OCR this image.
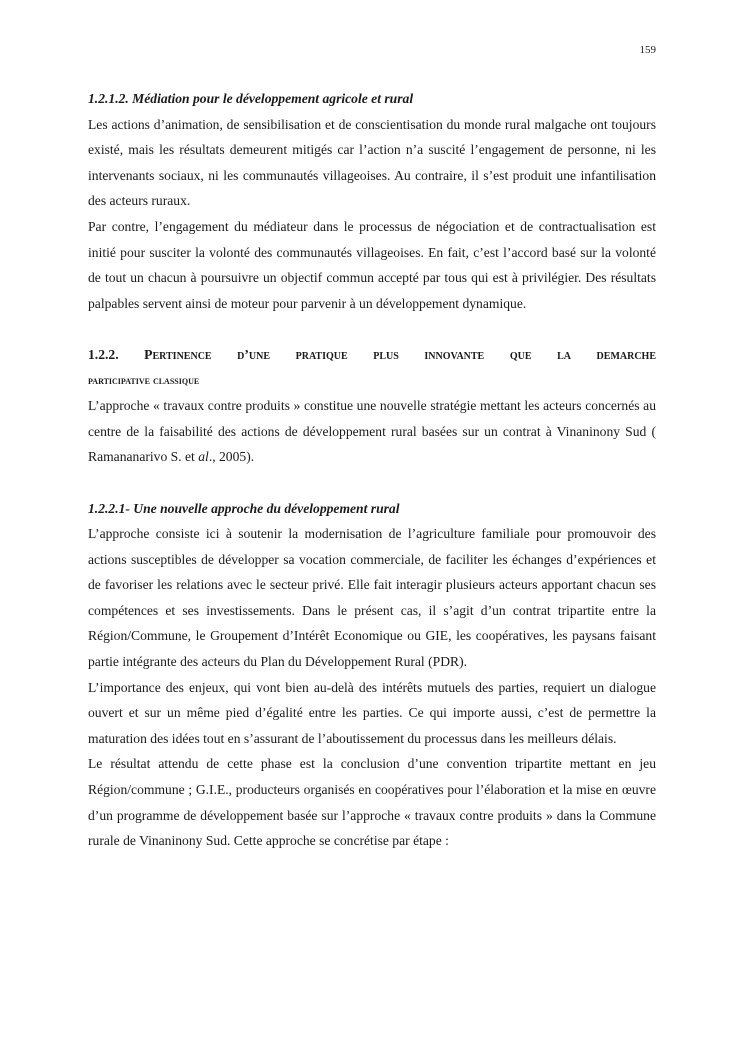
159

1.2.1.2. Médiation pour le développement agricole et rural

Les actions d’animation, de sensibilisation et de conscientisation du monde rural malgache ont toujours existé, mais les résultats demeurent mitigés car l’action n’a suscité l’engagement de personne, ni les intervenants sociaux, ni les communautés villageoises. Au contraire, il s’est produit une infantilisation des acteurs ruraux.

Par contre, l’engagement du médiateur dans le processus de négociation et de contractualisation est initié pour susciter la volonté des communautés villageoises. En fait, c’est l’accord basé sur la volonté de tout un chacun à poursuivre un objectif commun accepté par tous qui est à privilégier. Des résultats palpables servent ainsi de moteur pour parvenir à un développement dynamique.

1.2.2. Pertinence d’une pratique plus innovante que la demarche

participative classique

L’approche « travaux contre produits » constitue une nouvelle stratégie mettant les acteurs concernés au centre de la faisabilité des actions de développement rural basées sur un contrat à Vinaninony Sud ( Ramananarivo S. et al., 2005).

1.2.2.1- Une nouvelle approche du développement rural

L’approche consiste ici à soutenir la modernisation de l’agriculture familiale pour promouvoir des actions susceptibles de développer sa vocation commerciale, de faciliter les échanges d’expériences et de favoriser les relations avec le secteur privé. Elle fait interagir plusieurs acteurs apportant chacun ses compétences et ses investissements. Dans le présent cas, il s’agit d’un contrat tripartite entre la Région/Commune, le Groupement d’Intérêt Economique ou GIE, les coopératives, les paysans faisant partie intégrante des acteurs du Plan du Développement Rural (PDR).

L’importance des enjeux, qui vont bien au-delà des intérêts mutuels des parties, requiert un dialogue ouvert et sur un même pied d’égalité entre les parties. Ce qui importe aussi, c’est de permettre la maturation des idées tout en s’assurant de l’aboutissement du processus dans les meilleurs délais.

Le résultat attendu de cette phase est la conclusion d’une convention tripartite mettant en jeu Région/commune ; G.I.E., producteurs organisés en coopératives pour l’élaboration et la mise en œuvre d’un programme de développement basée sur l’approche « travaux contre produits » dans la Commune rurale de Vinaninony Sud. Cette approche se concrétise par étape :
